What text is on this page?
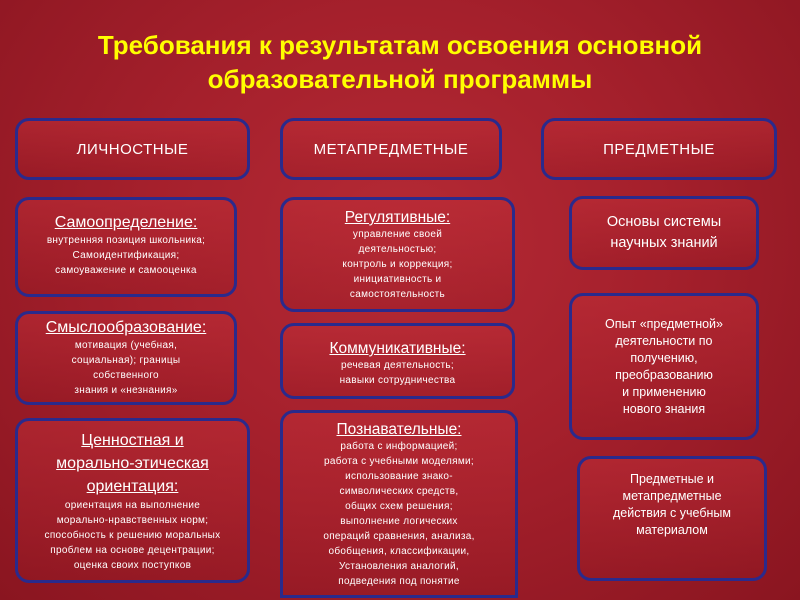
Требования к результатам освоения основной
образовательной программы
ЛИЧНОСТНЫЕ	МЕТАПРЕДМЕТНЫЕ	ПРЕДМЕТНЫЕ
Самоопределение:
внутренняя позиция школьника;
Самоидентификация;
самоуважение и самооценка
Смыслообразование:
мотивация (учебная,
социальная); границы
собственного
знания и «незнания»
Ценностная и
морально-этическая
ориентация:
ориентация на выполнение
морально-нравственных норм;
способность к решению моральных
проблем на основе децентрации;
оценка своих поступков
Регулятивные:
управление своей
деятельностью;
контроль и коррекция;
инициативность и
самостоятельность
Коммуникативные:
речевая деятельность;
навыки сотрудничества
Познавательные:
работа с информацией;
работа с учебными моделями;
использование знако-
символических средств,
общих схем решения;
выполнение логических
операций сравнения, анализа,
обобщения, классификации,
Установления аналогий,
подведения под понятие
Основы системы
научных знаний
Опыт «предметной»
деятельности по
получению,
преобразованию
и применению
нового знания
Предметные и
метапредметные
действия с учебным
материалом
